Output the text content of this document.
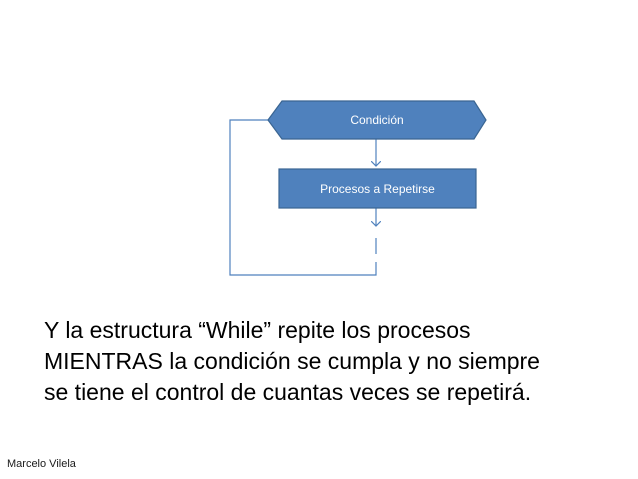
Condición
Procesos a Repetirse
Y la estructura “While” repite los procesos
MIENTRAS la condición se cumpla y no siempre
se tiene el control de cuantas veces se repetirá.
Marcelo Vilela
